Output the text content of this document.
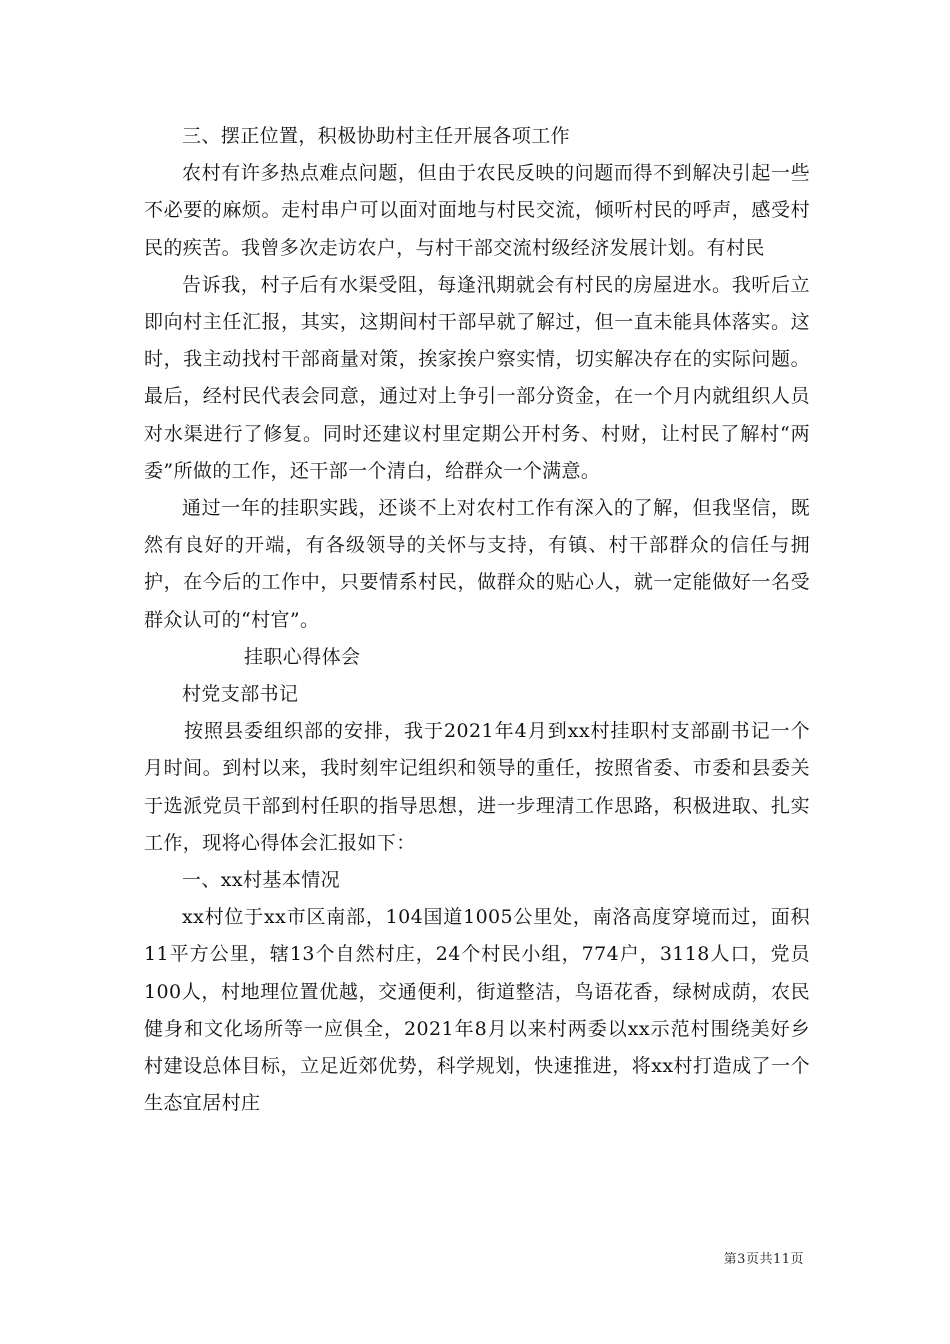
三、摆正位置，积极协助村主任开展各项工作

农村有许多热点难点问题，但由于农民反映的问题而得不到解决引起一些不必要的麻烦。走村串户可以面对面地与村民交流，倾听村民的呼声，感受村民的疾苦。我曾多次走访农户，与村干部交流村级经济发展计划。有村民

告诉我，村子后有水渠受阻，每逢汛期就会有村民的房屋进水。我听后立即向村主任汇报，其实，这期间村干部早就了解过，但一直未能具体落实。这时，我主动找村干部商量对策，挨家挨户察实情，切实解决存在的实际问题。最后，经村民代表会同意，通过对上争引一部分资金，在一个月内就组织人员对水渠进行了修复。同时还建议村里定期公开村务、村财，让村民了解村“两委”所做的工作，还干部一个清白，给群众一个满意。

通过一年的挂职实践，还谈不上对农村工作有深入的了解，但我坚信，既然有良好的开端，有各级领导的关怀与支持，有镇、村干部群众的信任与拥护，在今后的工作中，只要情系村民，做群众的贴心人，就一定能做好一名受群众认可的“村官”。

挂职心得体会

村党支部书记

按照县委组织部的安排，我于2021年4月到xx村挂职村支部副书记一个月时间。到村以来，我时刻牢记组织和领导的重任，按照省委、市委和县委关于选派党员干部到村任职的指导思想，进一步理清工作思路，积极进取、扎实工作，现将心得体会汇报如下：

一、xx村基本情况

xx村位于xx市区南部，104国道1005公里处，南洛高度穿境而过，面积11平方公里，辖13个自然村庄，24个村民小组，774户，3118人口，党员100人，村地理位置优越，交通便利，街道整洁，鸟语花香，绿树成荫，农民健身和文化场所等一应俱全，2021年8月以来村两委以xx示范村围绕美好乡村建设总体目标，立足近郊优势，科学规划，快速推进，将xx村打造成了一个生态宜居村庄

第3页共11页
